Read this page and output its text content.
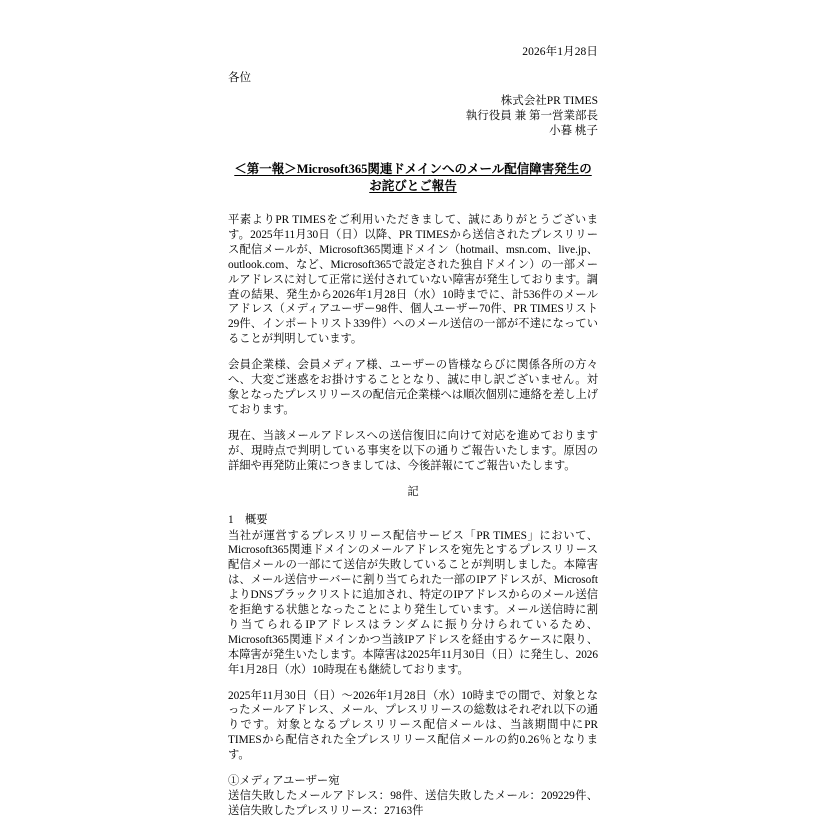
2026年1月28日
各位
株式会社PR TIMES
執行役員 兼 第一営業部長
小暮 桃子
＜第一報＞Microsoft365関連ドメインへのメール配信障害発生の
お詫びとご報告

平素よりPR TIMESをご利用いただきまして、誠にありがとうございます。2025年11月30日（日）以降、PR TIMESから送信されたプレスリリース配信メールが、Microsoft365関連ドメイン（hotmail、msn.com、live.jp、outlook.com、など、Microsoft365で設定された独自ドメイン）の一部メールアドレスに対して正常に送付されていない障害が発生しております。調査の結果、発生から2026年1月28日（水）10時までに、計536件のメールアドレス（メディアユーザー98件、個人ユーザー70件、PR TIMESリスト29件、インポートリスト339件）へのメール送信の一部が不達になっていることが判明しています。

会員企業様、会員メディア様、ユーザーの皆様ならびに関係各所の方々へ、大変ご迷惑をお掛けすることとなり、誠に申し訳ございません。対象となったプレスリリースの配信元企業様へは順次個別に連絡を差し上げております。

現在、当該メールアドレスへの送信復旧に向けて対応を進めておりますが、現時点で判明している事実を以下の通りご報告いたします。原因の詳細や再発防止策につきましては、今後詳報にてご報告いたします。

記
1　概要

当社が運営するプレスリリース配信サービス「PR TIMES」において、Microsoft365関連ドメインのメールアドレスを宛先とするプレスリリース配信メールの一部にて送信が失敗していることが判明しました。本障害は、メール送信サーバーに割り当てられた一部のIPアドレスが、MicrosoftよりDNSブラックリストに追加され、特定のIPアドレスからのメール送信を拒絶する状態となったことにより発生しています。メール送信時に割り当てられるIPアドレスはランダムに振り分けられているため、Microsoft365関連ドメインかつ当該IPアドレスを経由するケースに限り、本障害が発生いたします。本障害は2025年11月30日（日）に発生し、2026年1月28日（水）10時現在も継続しております。

2025年11月30日（日）〜2026年1月28日（水）10時までの間で、対象となったメールアドレス、メール、プレスリリースの総数はそれぞれ以下の通りです。対象となるプレスリリース配信メールは、当該期間中にPR TIMESから配信された全プレスリリース配信メールの約0.26％となります。

①メディアユーザー宛

送信失敗したメールアドレス：98件、送信失敗したメール：209229件、送信失敗したプレスリリース：27163件
